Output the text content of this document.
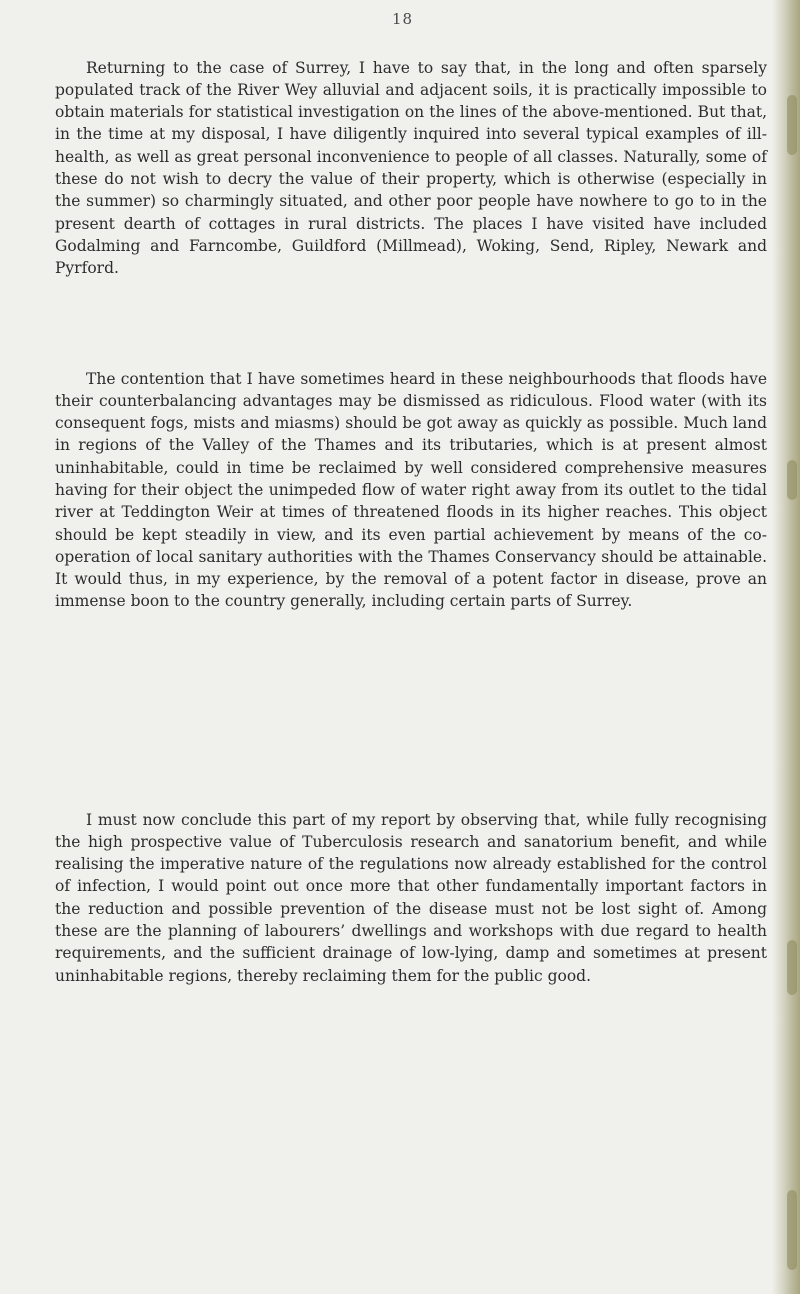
18

Returning to the case of Surrey, I have to say that, in the long and often sparsely populated track of the River Wey alluvial and adjacent soils, it is practically impossible to obtain materials for statistical investigation on the lines of the above-mentioned. But that, in the time at my disposal, I have diligently inquired into several typical examples of ill-health, as well as great personal inconvenience to people of all classes. Naturally, some of these do not wish to decry the value of their property, which is otherwise (especially in the summer) so charmingly situated, and other poor people have nowhere to go to in the present dearth of cottages in rural districts. The places I have visited have included Godalming and Farncombe, Guildford (Millmead), Woking, Send, Ripley, Newark and Pyrford.

The contention that I have sometimes heard in these neighbourhoods that floods have their counterbalancing advantages may be dismissed as ridiculous. Flood water (with its consequent fogs, mists and miasms) should be got away as quickly as possible. Much land in regions of the Valley of the Thames and its tributaries, which is at present almost uninhabitable, could in time be reclaimed by well considered comprehensive measures having for their object the unimpeded flow of water right away from its outlet to the tidal river at Teddington Weir at times of threatened floods in its higher reaches. This object should be kept steadily in view, and its even partial achievement by means of the co-operation of local sanitary authorities with the Thames Conservancy should be attainable. It would thus, in my experience, by the removal of a potent factor in disease, prove an immense boon to the country generally, including certain parts of Surrey.

I must now conclude this part of my report by observing that, while fully recognising the high prospective value of Tuberculosis research and sanatorium benefit, and while realising the imperative nature of the regulations now already established for the control of infection, I would point out once more that other fundamentally important factors in the reduction and possible prevention of the disease must not be lost sight of. Among these are the planning of labourers’ dwellings and workshops with due regard to health requirements, and the sufficient drainage of low-lying, damp and sometimes at present uninhabitable regions, thereby reclaiming them for the public good.
